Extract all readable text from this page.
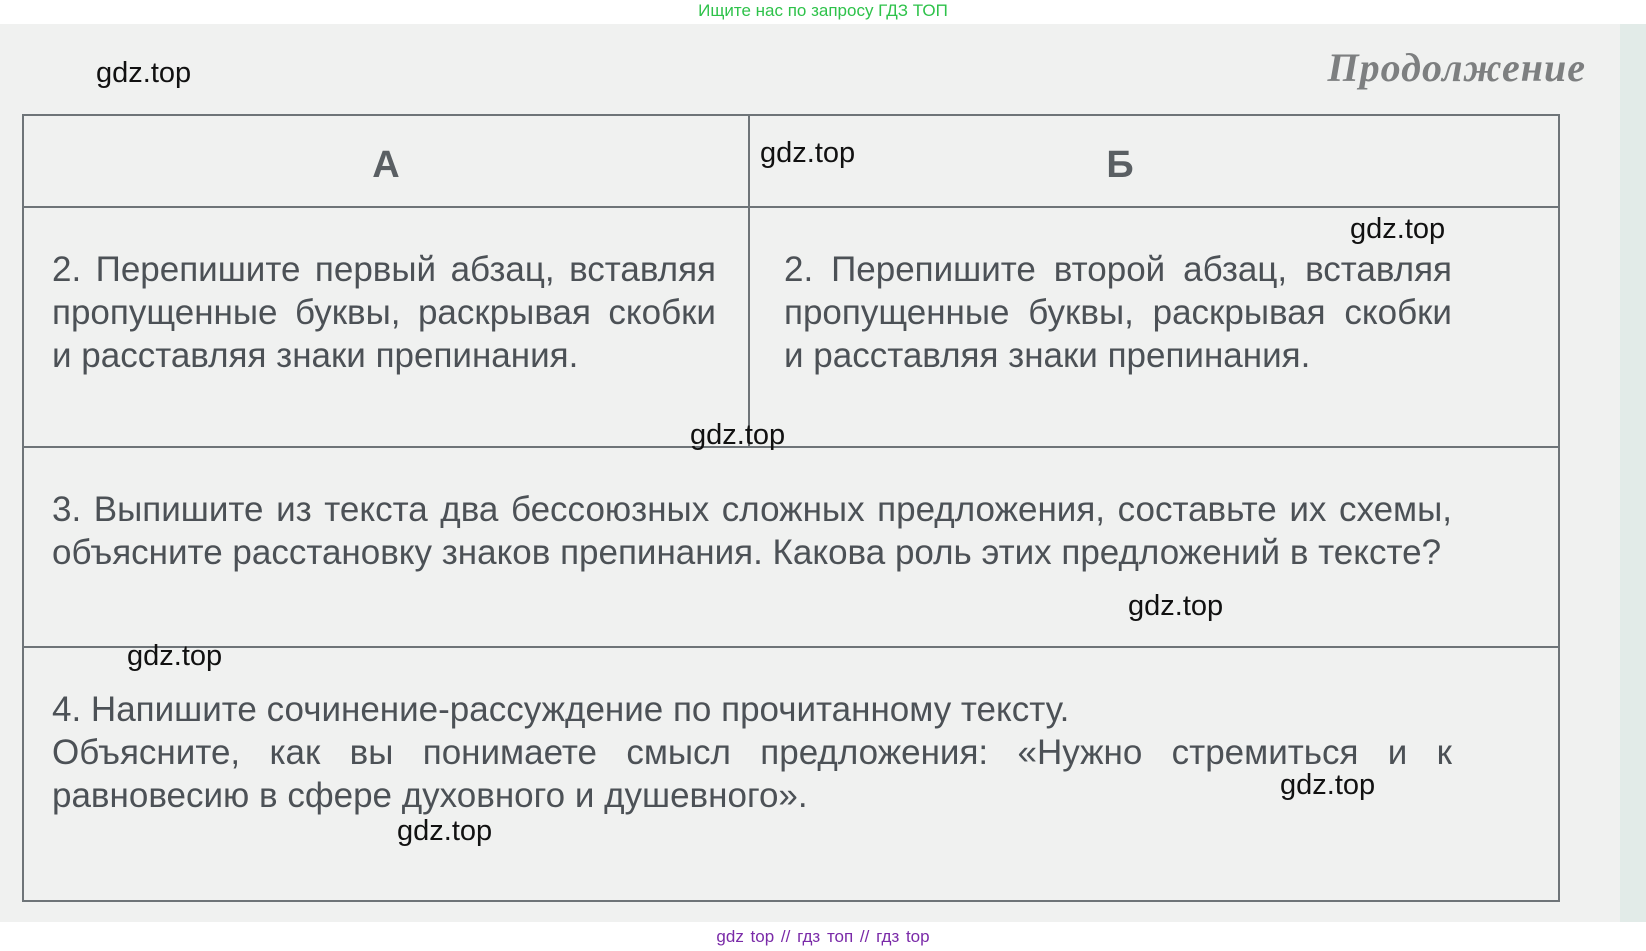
Ищите нас по запросу ГДЗ ТОП
Продолжение
А	Б
2. Перепишите первый абзац, вставляя пропущенные буквы, раскрывая скобки и расставляя знаки препинания.
2. Перепишите второй абзац, вставляя пропущенные буквы, раскрывая скобки и расставляя знаки препинания.
3. Выпишите из текста два бессоюзных сложных предложения, составьте их схемы, объясните расстановку знаков препинания. Какова роль этих предложений в тексте?
4. Напишите сочинение-рассуждение по прочитанному тексту.
Объясните, как вы понимаете смысл предложения: «Нужно стремиться и к равновесию в сфере духовного и душевного».
gdz.top
gdz.top
gdz.top
gdz.top
gdz.top
gdz.top
gdz.top
gdz.top
gdz top // гдз топ // гдз top
